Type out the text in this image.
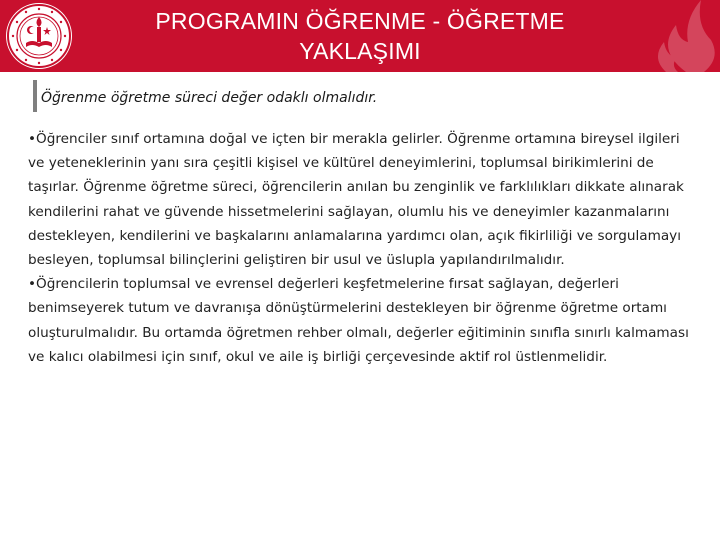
PROGRAMIN ÖĞRENME - ÖĞRETME
YAKLAŞIMI
Öğrenme öğretme süreci değer odaklı olmalıdır.

•Öğrenciler sınıf ortamına doğal ve içten bir merakla gelirler. Öğrenme ortamına bireysel ilgileri ve yeteneklerinin yanı sıra çeşitli kişisel ve kültürel deneyimlerini, toplumsal birikimlerini de taşırlar. Öğrenme öğretme süreci, öğrencilerin anılan bu zenginlik ve farklılıkları dikkate alınarak kendilerini rahat ve güvende hissetmelerini sağlayan, olumlu his ve deneyimler kazanmalarını destekleyen, kendilerini ve başkalarını anlamalarına yardımcı olan, açık fikirliliği ve sorgulamayı besleyen, toplumsal bilinçlerini geliştiren bir usul ve üslupla yapılandırılmalıdır.

•Öğrencilerin toplumsal ve evrensel değerleri keşfetmelerine fırsat sağlayan, değerleri benimseyerek tutum ve davranışa dönüştürmelerini destekleyen bir öğrenme öğretme ortamı oluşturulmalıdır. Bu ortamda öğretmen rehber olmalı, değerler eğitiminin sınıfla sınırlı kalmaması ve kalıcı olabilmesi için sınıf, okul ve aile iş birliği çerçevesinde aktif rol üstlenmelidir.
